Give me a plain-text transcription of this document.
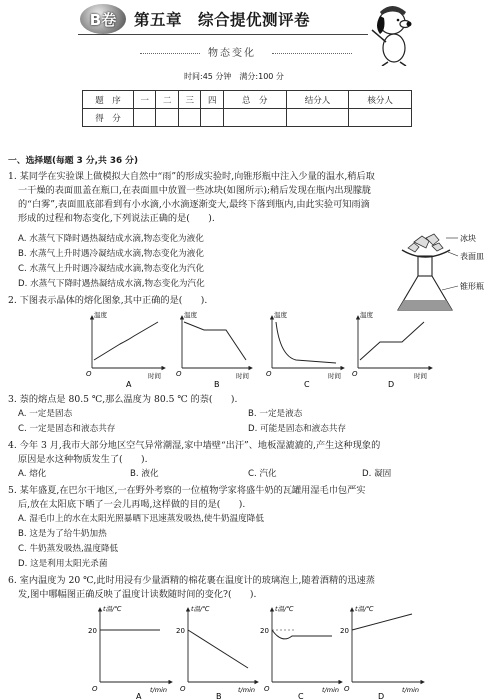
B卷 第五章　综合提优测评卷
物态变化
时间:45 分钟　满分:100 分
题　序	一	二	三	四	总　分	结分人	核分人
得　分							
一、选择题(每题 3 分,共 36 分)
1. 某同学在实验课上做模拟大自然中“雨”的形成实验时,向锥形瓶中注入少量的温水,稍后取
一干燥的表面皿盖在瓶口,在表面皿中放置一些冰块(如图所示);稍后发现在瓶内出现朦胧
的“白雾”,表面皿底部看到有小水滴,小水滴逐渐变大,最终下落到瓶内,由此实验可知雨滴
形成的过程和物态变化,下列说法正确的是(　　).
A. 水蒸气下降时遇热凝结成水滴,物态变化为液化
B. 水蒸气上升时遇冷凝结成水滴,物态变化为液化
C. 水蒸气上升时遇冷凝结成水滴,物态变化为汽化
D. 水蒸气下降时遇热凝结成水滴,物态变化为汽化
冰块
表面皿
锥形瓶
2. 下图表示晶体的熔化图象,其中正确的是(　　).
温度
时间
O
A
温度
时间
O
B
温度
时间
O
C
温度
时间
O
D
3. 萘的熔点是 80.5 ℃,那么温度为 80.5 ℃ 的萘(　　).
A. 一定是固态	B. 一定是液态
C. 一定是固态和液态共存	D. 可能是固态和液态共存
4. 今年 3 月,我市大部分地区空气异常潮湿,家中墙壁“出汗”、地板湿漉漉的,产生这种现象的
原因是水这种物质发生了(　　).
A. 熔化	B. 液化	C. 汽化	D. 凝固
5. 某年盛夏,在巴尔干地区,一在野外考察的一位植物学家将盛牛奶的瓦罐用湿毛巾包严实
后,放在太阳底下晒了一会儿再喝,这样做的目的是(　　).
A. 湿毛巾上的水在太阳光照暴晒下迅速蒸发吸热,使牛奶温度降低
B. 这是为了给牛奶加热
C. 牛奶蒸发吸热,温度降低
D. 这是利用太阳光杀菌
6. 室内温度为 20 ℃,此时用浸有少量酒精的棉花裹在温度计的玻璃泡上,随着酒精的迅速蒸
发,图中哪幅图正确反映了温度计读数随时间的变化?(　　).
t温/℃
20
O	t/min
A
t温/℃
20
O	t/min
B
t温/℃
20
O	t/min
C
t温/℃
20
O	t/min
D
